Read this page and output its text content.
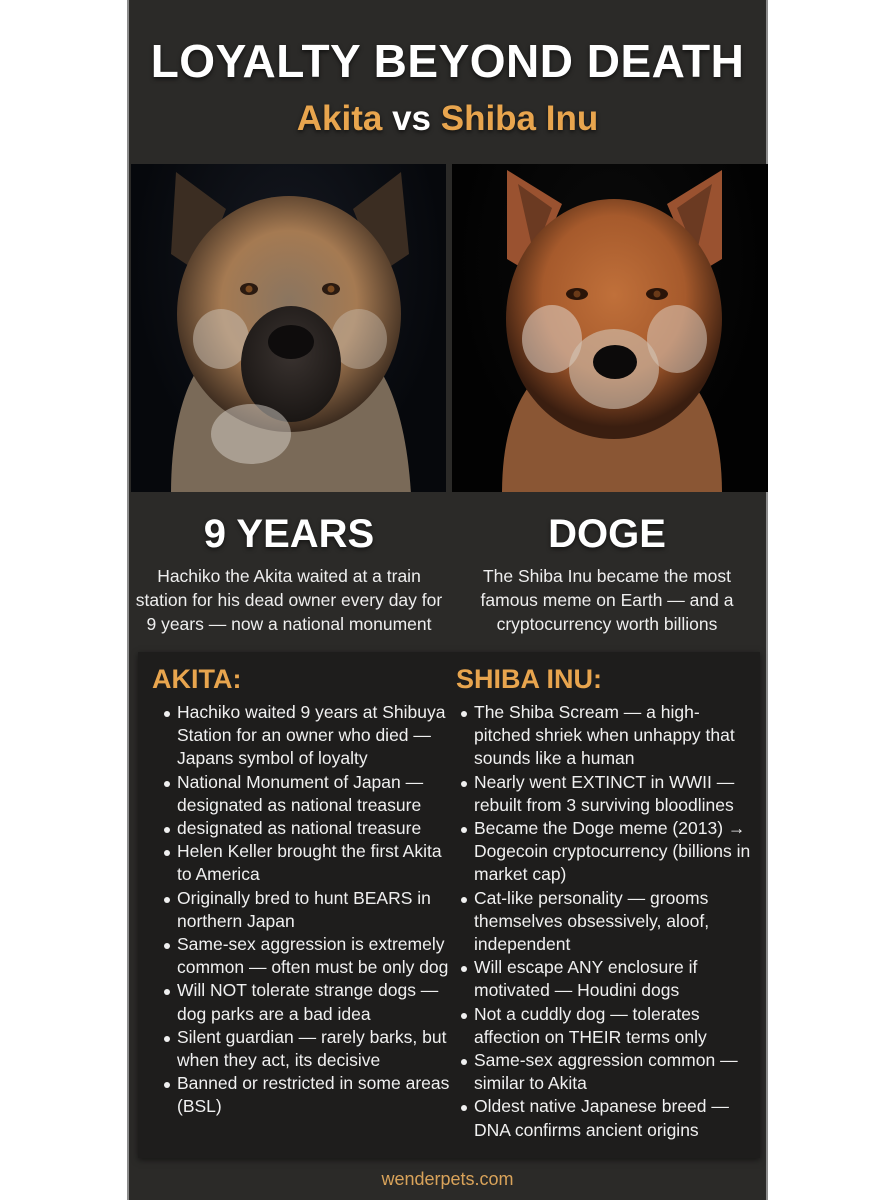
LOYALTY BEYOND DEATH
Akita vs Shiba Inu
9 YEARS
Hachiko the Akita waited at a train station for his dead owner every day for 9 years — now a national monument
DOGE
The Shiba Inu became the most famous meme on Earth — and a cryptocurrency worth billions
AKITA:
Hachiko waited 9 years at Shibuya Station for an owner who died — Japans symbol of loyalty
National Monument of Japan — designated as national treasure
designated as national treasure
Helen Keller brought the first Akita to America
Originally bred to hunt BEARS in northern Japan
Same-sex aggression is extremely common — often must be only dog
Will NOT tolerate strange dogs — dog parks are a bad idea
Silent guardian — rarely barks, but when they act, its decisive
Banned or restricted in some areas (BSL)
SHIBA INU:
The Shiba Scream — a high-pitched shriek when unhappy that sounds like a human
Nearly went EXTINCT in WWII — rebuilt from 3 surviving bloodlines
Became the Doge meme (2013) → Dogecoin cryptocurrency (billions in market cap)
Cat-like personality — grooms themselves obsessively, aloof, independent
Will escape ANY enclosure if motivated — Houdini dogs
Not a cuddly dog — tolerates affection on THEIR terms only
Same-sex aggression common — similar to Akita
Oldest native Japanese breed — DNA confirms ancient origins
wenderpets.com
